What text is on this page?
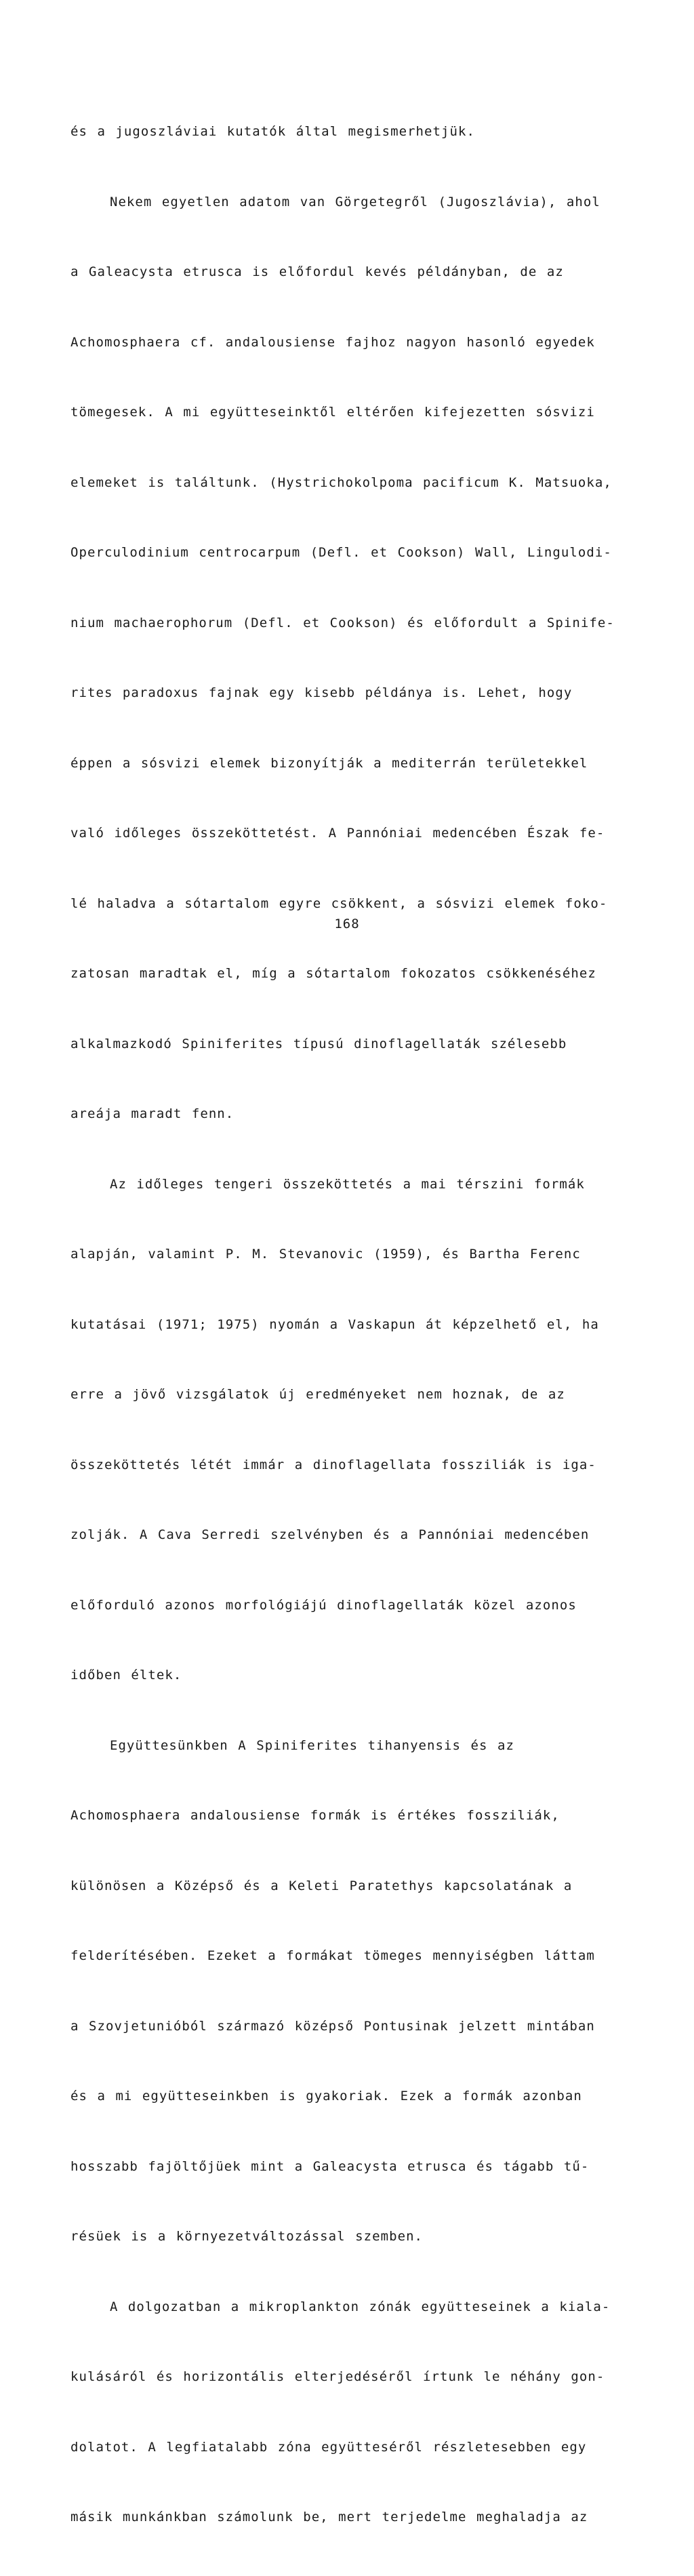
és a jugoszláviai kutatók által megismerhetjük.

Nekem egyetlen adatom van Görgetegről (Jugoszlávia), ahol

a Galeacysta etrusca is előfordul kevés példányban, de az

Achomosphaera cf. andalousiense fajhoz nagyon hasonló egyedek

tömegesek. A mi együtteseinktől eltérően kifejezetten sósvizi

elemeket is találtunk. (Hystrichokolpoma pacificum K. Matsuoka,

Operculodinium centrocarpum (Defl. et Cookson) Wall, Lingulodi-

nium machaerophorum (Defl. et Cookson) és előfordult a Spinife-

rites paradoxus fajnak egy kisebb példánya is. Lehet, hogy

éppen a sósvizi elemek bizonyítják a mediterrán területekkel

való időleges összeköttetést. A Pannóniai medencében Észak fe-

lé haladva a sótartalom egyre csökkent, a sósvizi elemek foko-

zatosan maradtak el, míg a sótartalom fokozatos csökkenéséhez

alkalmazkodó Spiniferites típusú dinoflagellaták szélesebb

areája maradt fenn.

Az időleges tengeri összeköttetés a mai térszini formák

alapján, valamint P. M. Stevanovic (1959), és Bartha Ferenc

kutatásai (1971; 1975) nyomán a Vaskapun át képzelhető el, ha

erre a jövő vizsgálatok új eredményeket nem hoznak, de az

összeköttetés létét immár a dinoflagellata fossziliák is iga-

zolják. A Cava Serredi szelvényben és a Pannóniai medencében

előforduló azonos morfológiájú dinoflagellaták közel azonos

időben éltek.

Együttesünkben A Spiniferites tihanyensis és az

Achomosphaera andalousiense formák is értékes fossziliák,

különösen a Középső és a Keleti Paratethys kapcsolatának a

felderítésében. Ezeket a formákat tömeges mennyiségben láttam

a Szovjetunióból származó középső Pontusinak jelzett mintában

és a mi együtteseinkben is gyakoriak. Ezek a formák azonban

hosszabb fajöltőjüek mint a Galeacysta etrusca és tágabb tű-

résüek is a környezetváltozással szemben.

A dolgozatban a mikroplankton zónák együtteseinek a kiala-

kulásáról és horizontális elterjedéséről írtunk le néhány gon-

dolatot. A legfiatalabb zóna együtteséről részletesebben egy

másik munkánkban számolunk be, mert terjedelme meghaladja az

168
